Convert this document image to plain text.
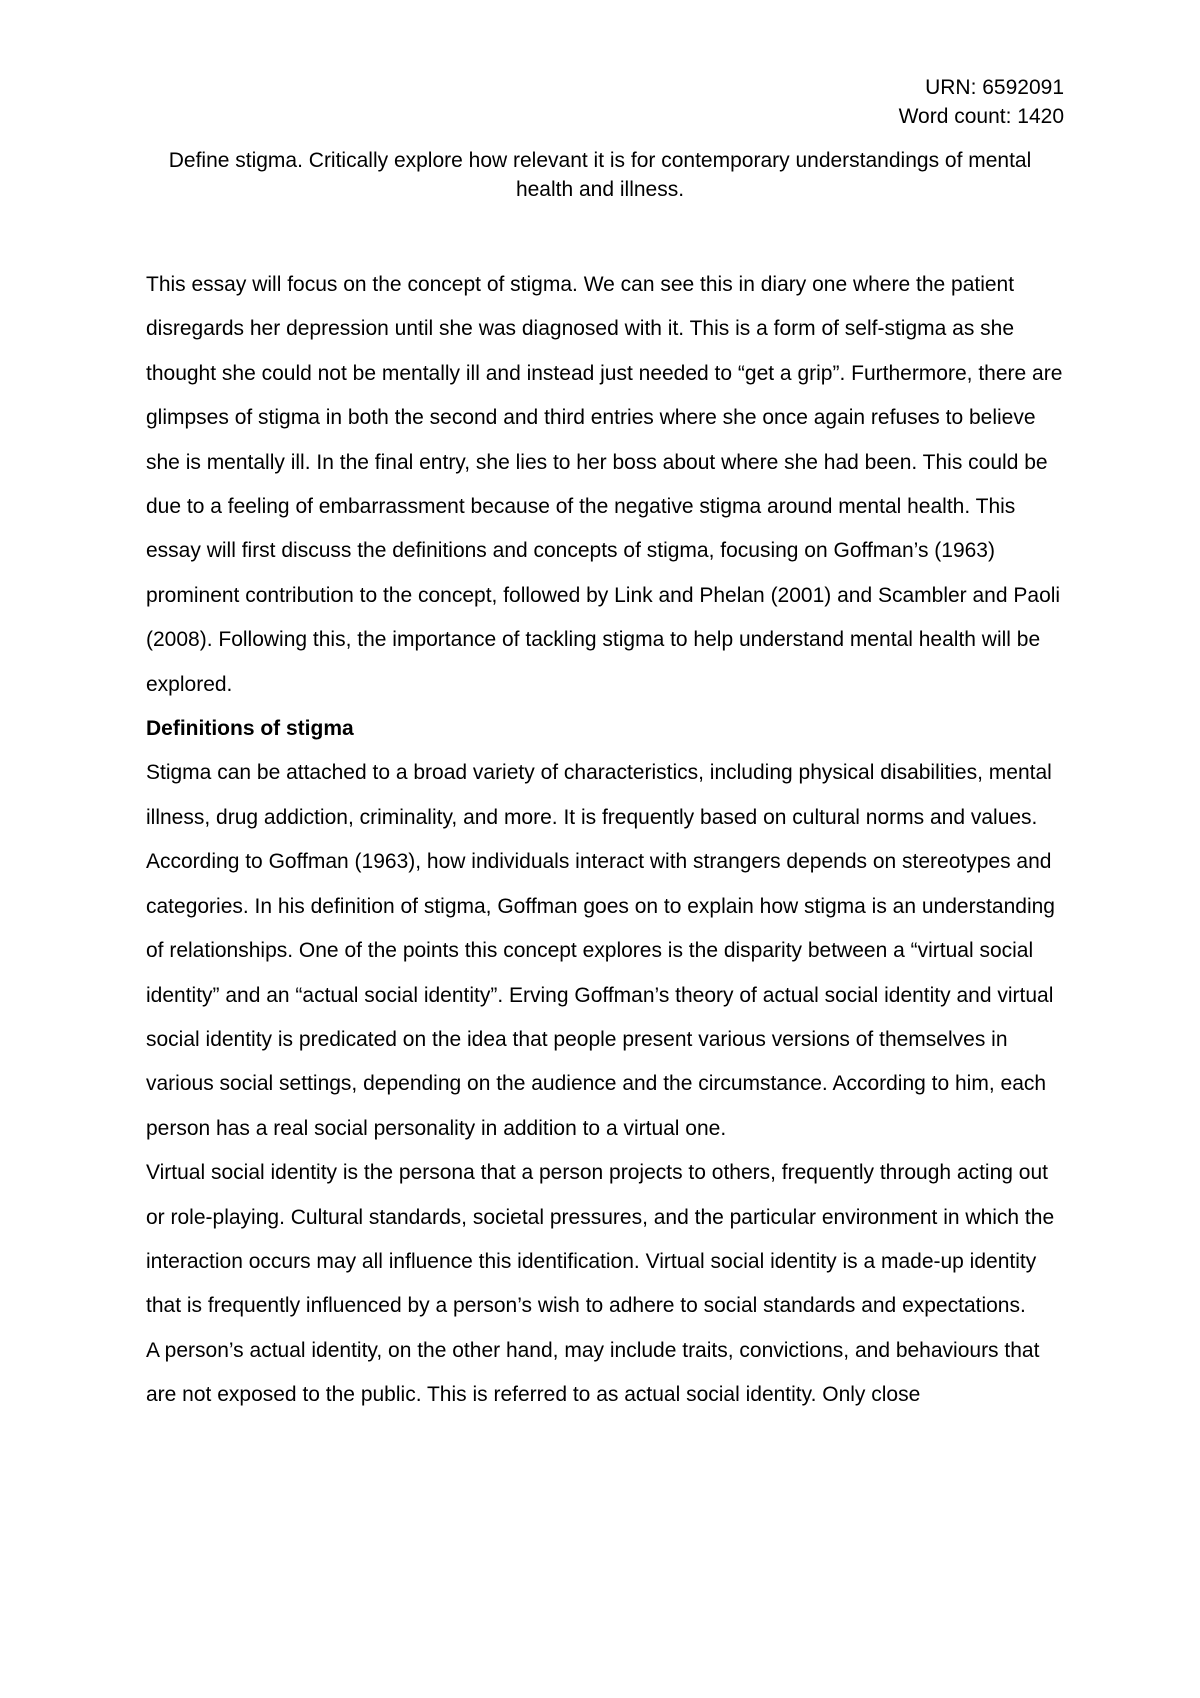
URN: 6592091
Word count: 1420
Define stigma. Critically explore how relevant it is for contemporary understandings of mental health and illness.

This essay will focus on the concept of stigma. We can see this in diary one where the patient disregards her depression until she was diagnosed with it. This is a form of self-stigma as she thought she could not be mentally ill and instead just needed to “get a grip”. Furthermore, there are glimpses of stigma in both the second and third entries where she once again refuses to believe she is mentally ill. In the final entry, she lies to her boss about where she had been. This could be due to a feeling of embarrassment because of the negative stigma around mental health. This essay will first discuss the definitions and concepts of stigma, focusing on Goffman’s (1963) prominent contribution to the concept, followed by Link and Phelan (2001) and Scambler and Paoli (2008). Following this, the importance of tackling stigma to help understand mental health will be explored.

Definitions of stigma

Stigma can be attached to a broad variety of characteristics, including physical disabilities, mental illness, drug addiction, criminality, and more. It is frequently based on cultural norms and values.

According to Goffman (1963), how individuals interact with strangers depends on stereotypes and categories. In his definition of stigma, Goffman goes on to explain how stigma is an understanding of relationships. One of the points this concept explores is the disparity between a “virtual social identity” and an “actual social identity”. Erving Goffman’s theory of actual social identity and virtual social identity is predicated on the idea that people present various versions of themselves in various social settings, depending on the audience and the circumstance. According to him, each person has a real social personality in addition to a virtual one.

Virtual social identity is the persona that a person projects to others, frequently through acting out or role-playing. Cultural standards, societal pressures, and the particular environment in which the interaction occurs may all influence this identification. Virtual social identity is a made-up identity that is frequently influenced by a person’s wish to adhere to social standards and expectations.

A person’s actual identity, on the other hand, may include traits, convictions, and behaviours that are not exposed to the public. This is referred to as actual social identity. Only close
